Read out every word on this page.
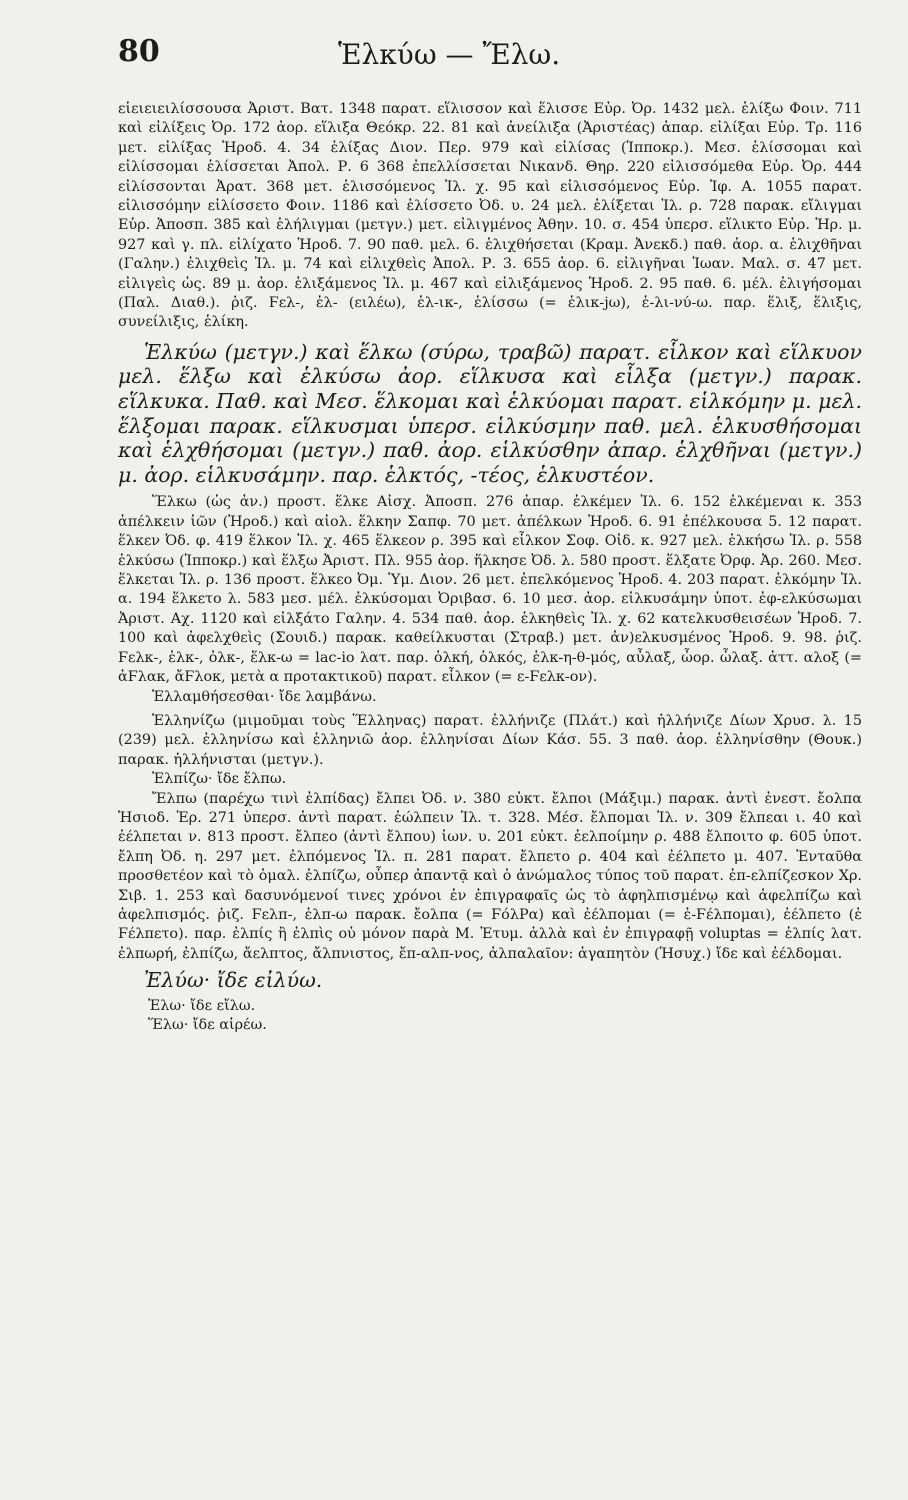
80	Ἑλκύω — Ἔλω.

εἱειειειλίσσουσα Ἀριστ. Βατ. 1348 παρατ. εἵλισσον καὶ ἕλισσε Εὐρ. Ὀρ. 1432 μελ. ἑλίξω Φοιν. 711 καὶ εἰλίξεις Ὀρ. 172 ἀορ. εἵλιξα Θεόκρ. 22. 81 καὶ ἀνείλιξα (Ἀριστέας) ἀπαρ. εἰλίξαι Εὐρ. Τρ. 116 μετ. εἰλίξας Ἡροδ. 4. 34 ἑλίξας Διον. Περ. 979 καὶ εἰλίσας (Ἱπποκρ.). Μεσ. ἑλίσσομαι καὶ εἰλίσσομαι ἑλίσσεται Ἀπολ. Ρ. 6 368 ἐπελλίσσεται Νικανδ. Θηρ. 220 εἰλισσόμεθα Εὐρ. Ὀρ. 444 εἰλίσσονται Ἀρατ. 368 μετ. ἑλισσόμενος Ἰλ. χ. 95 καὶ εἰλισσόμενος Εὐρ. Ἰφ. Α. 1055 παρατ. εἰλισσόμην εἰλίσσετο Φοιν. 1186 καὶ ἑλίσσετο Ὀδ. υ. 24 μελ. ἑλίξεται Ἰλ. ρ. 728 παρακ. εἴλιγμαι Εὐρ. Ἀποσπ. 385 καὶ ἑλήλιγμαι (μετγν.) μετ. εἰλιγμένος Ἀθην. 10. σ. 454 ὑπερσ. εἵλικτο Εὐρ. Ἡρ. μ. 927 καὶ γ. πλ. εἰλίχατο Ἡροδ. 7. 90 παθ. μελ. 6. ἑλιχθήσεται (Κραμ. Ἀνεκδ.) παθ. ἀορ. α. ἑλιχθῆναι (Γαλην.) ἑλιχθεὶς Ἰλ. μ. 74 καὶ εἰλιχθεὶς Ἀπολ. Ρ. 3. 655 ἀορ. 6. εἰλιγῆναι Ἰωαν. Μαλ. σ. 47 μετ. εἰλιγεὶς ὡς. 89 μ. ἀορ. ἑλιξάμενος Ἰλ. μ. 467 καὶ εἰλιξάμενος Ἡροδ. 2. 95 παθ. 6. μέλ. ἑλιγήσομαι (Παλ. Διαθ.). ῥιζ. Ϝελ-, ἑλ- (ειλέω), ἑλ-ικ-, ἑλίσσω (= ἑλικ-jω), ἑ-λι-νύ-ω. παρ. ἕλιξ, ἕλιξις, συνείλιξις, ἑλίκη.

Ἑλκύω (μετγν.) καὶ ἕλκω (σύρω, τραβῶ) παρατ. εἷλκον καὶ εἵλκυον μελ. ἕλξω καὶ ἑλκύσω ἀορ. εἵλκυσα καὶ εἷλξα (μετγν.) παρακ. εἵλκυκα. Παθ. καὶ Μεσ. ἕλκομαι καὶ ἑλκύομαι παρατ. εἱλκόμην μ. μελ. ἕλξομαι παρακ. εἵλκυσμαι ὑπερσ. εἱλκύσμην παθ. μελ. ἑλκυσθήσομαι καὶ ἑλχθήσομαι (μετγν.) παθ. ἀορ. εἱλκύσθην ἀπαρ. ἑλχθῆναι (μετγν.) μ. ἀορ. εἱλκυσάμην. παρ. ἑλκτός, -τέος, ἑλκυστέον.

Ἕλκω (ὡς ἀν.) προστ. ἕλκε Αἰσχ. Ἀποσπ. 276 ἀπαρ. ἑλκέμεν Ἰλ. 6. 152 ἑλκέμεναι κ. 353 ἀπέλκειν ἰῶν (Ἡροδ.) καὶ αἰολ. ἕλκην Σαπφ. 70 μετ. ἀπέλκων Ἡροδ. 6. 91 ἐπέλκουσα 5. 12 παρατ. ἕλκεν Ὀδ. φ. 419 ἕλκον Ἰλ. χ. 465 ἕλκεον ρ. 395 καὶ εἷλκον Σοφ. Οἰδ. κ. 927 μελ. ἑλκήσω Ἰλ. ρ. 558 ἑλκύσω (Ἱπποκρ.) καὶ ἕλξω Ἀριστ. Πλ. 955 ἀορ. ἥλκησε Ὀδ. λ. 580 προστ. ἕλξατε Ὀρφ. Ἀρ. 260. Μεσ. ἕλκεται Ἰλ. ρ. 136 προστ. ἕλκεο Ὀμ. Ὑμ. Διον. 26 μετ. ἐπελκόμενος Ἡροδ. 4. 203 παρατ. ἑλκόμην Ἰλ. α. 194 ἕλκετο λ. 583 μεσ. μέλ. ἑλκύσομαι Ὀριβασ. 6. 10 μεσ. ἀορ. εἱλκυσάμην ὑποτ. ἐφ-ελκύσωμαι Ἀριστ. Αχ. 1120 καὶ εἰλξάτο Γαλην. 4. 534 παθ. ἀορ. ἑλκηθεὶς Ἰλ. χ. 62 κατελκυσθεισέων Ἡροδ. 7. 100 καὶ ἀφελχθεὶς (Σουιδ.) παρακ. καθείλκυσται (Στραβ.) μετ. ἀν)ελκυσμένος Ἡροδ. 9. 98. ῥιζ. Ϝελκ-, ἑλκ-, ὀλκ-, ἕλκ-ω = lac-io λατ. παρ. ὁλκή, ὁλκός, ἑλκ-η-θ-μός, αὖλαξ, ὦορ. ὦλαξ. ἀττ. αλοξ (= ἀϜλακ, ἄϜλοκ, μετὰ α προτακτικοῦ) παρατ. εἷλκον (= ε-Ϝελκ-ον).

Ἑλλαμθήσεσθαι· ἴδε λαμβάνω.

Ἑλληνίζω (μιμοῦμαι τοὺς Ἕλληνας) παρατ. ἑλλήνιζε (Πλάτ.) καὶ ἡλλήνιζε Δίων Χρυσ. λ. 15 (239) μελ. ἑλληνίσω καὶ ἑλληνιῶ ἀορ. ἑλληνίσαι Δίων Κάσ. 55. 3 παθ. ἀορ. ἑλληνίσθην (Θουκ.) παρακ. ἡλλήνισται (μετγν.).

Ἐλπίζω· ἴδε ἔλπω.

Ἔλπω (παρέχω τινὶ ἐλπίδας) ἔλπει Ὀδ. ν. 380 εὐκτ. ἔλποι (Μάξιμ.) παρακ. ἀντὶ ἐνεστ. ἔολπα Ἡσιοδ. Ἐρ. 271 ὑπερσ. ἀντὶ παρατ. ἐώλπειν Ἰλ. τ. 328. Μέσ. ἔλπομαι Ἰλ. ν. 309 ἔλπεαι ι. 40 καὶ ἐέλπεται ν. 813 προστ. ἔλπεο (ἀντὶ ἔλπου) ἰων. υ. 201 εὐκτ. ἐελποίμην ρ. 488 ἔλποιτο φ. 605 ὑποτ. ἔλπη Ὀδ. η. 297 μετ. ἐλπόμενος Ἰλ. π. 281 παρατ. ἔλπετο ρ. 404 καὶ ἐέλπετο μ. 407. Ἐνταῦθα προσθετέον καὶ τὸ ὁμαλ. ἐλπίζω, οὗπερ ἀπαντᾷ καὶ ὁ ἀνώμαλος τύπος τοῦ παρατ. ἐπ-ελπίζεσκον Χρ. Σιβ. 1. 253 καὶ δασυνόμενοί τινες χρόνοι ἐν ἐπιγραφαῖς ὡς τὸ ἀφηλπισμένῳ καὶ ἀφελπίζω καὶ ἀφελπισμός. ῥιζ. Ϝελπ-, ἐλπ-ω παρακ. ἔολπα (= ϜόλΡα) καὶ ἐέλπομαι (= ἐ-Ϝέλπομαι), ἐέλπετο (ἐ Ϝέλπετο). παρ. ἐλπίς ἢ ἐλπὶς οὐ μόνον παρὰ Μ. Ἐτυμ. ἀλλὰ καὶ ἐν ἐπιγραφῇ voluptas = ἐλπίς λατ. ἐλπωρή, ἐλπίζω, ἄελπτος, ἄλπνιστος, ἔπ-αλπ-νος, ἀλπαλαῖον: ἀγαπητὸν (Ἡσυχ.) ἴδε καὶ ἐέλδομαι.

Ἐλύω· ἴδε εἰλύω.

Ἐλω· ἴδε εἴλω.

Ἕλω· ἴδε αἱρέω.
